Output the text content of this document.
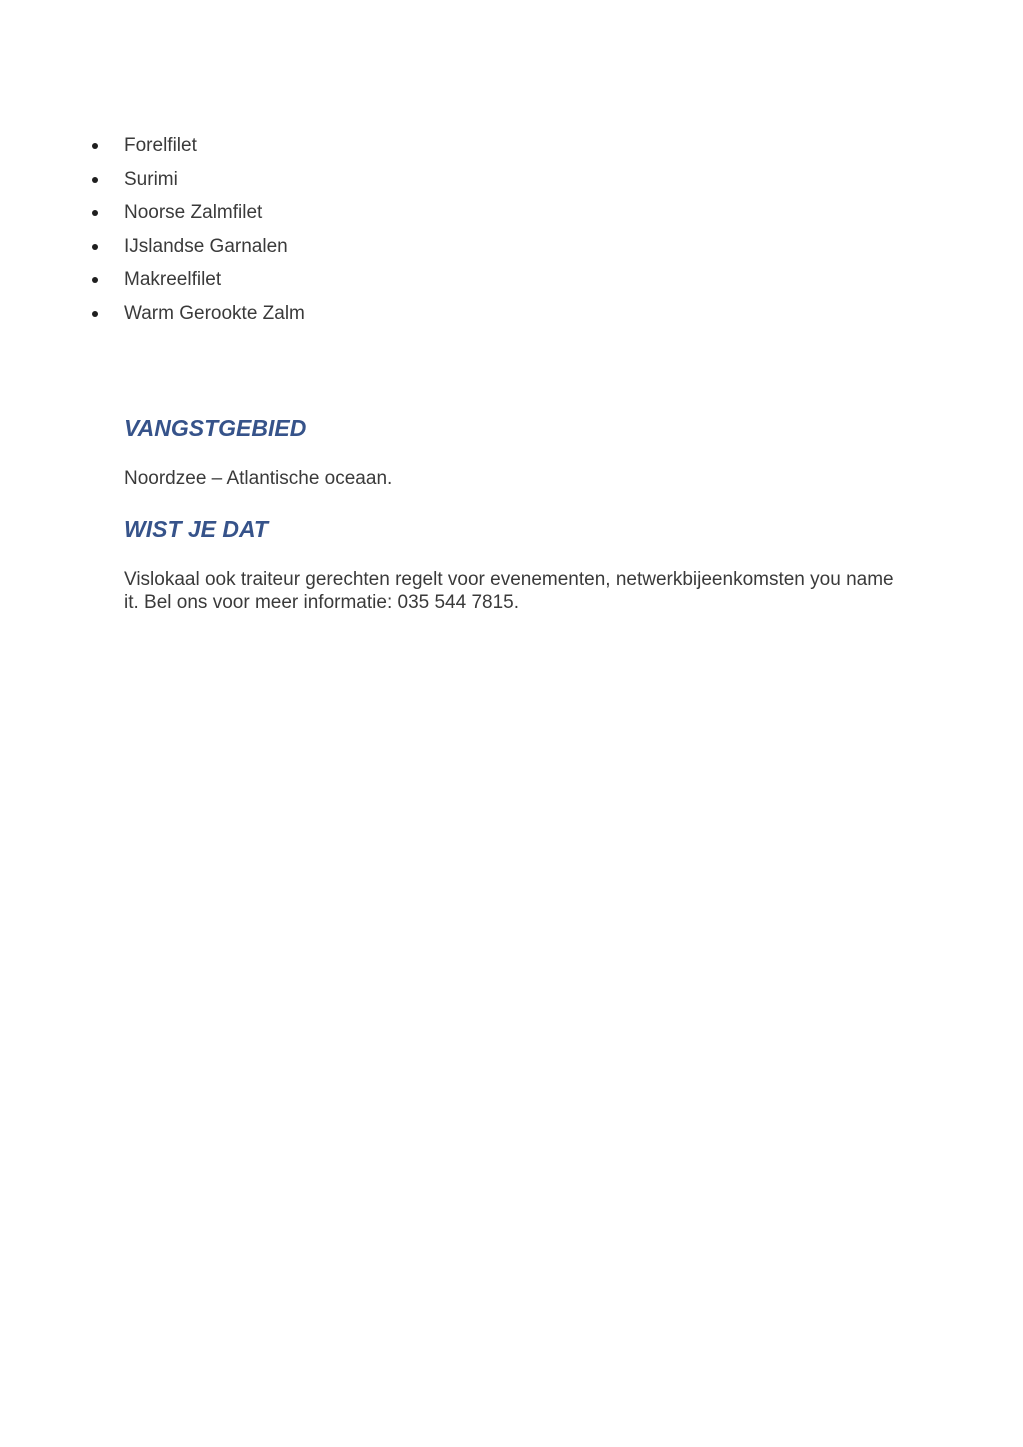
Forelfilet
Surimi
Noorse Zalmfilet
IJslandse Garnalen
Makreelfilet
Warm Gerookte Zalm
VANGSTGEBIED

Noordzee – Atlantische oceaan.

WIST JE DAT

Vislokaal ook traiteur gerechten regelt voor evenementen, netwerkbijeenkomsten you name it. Bel ons voor meer informatie: 035 544 7815.
